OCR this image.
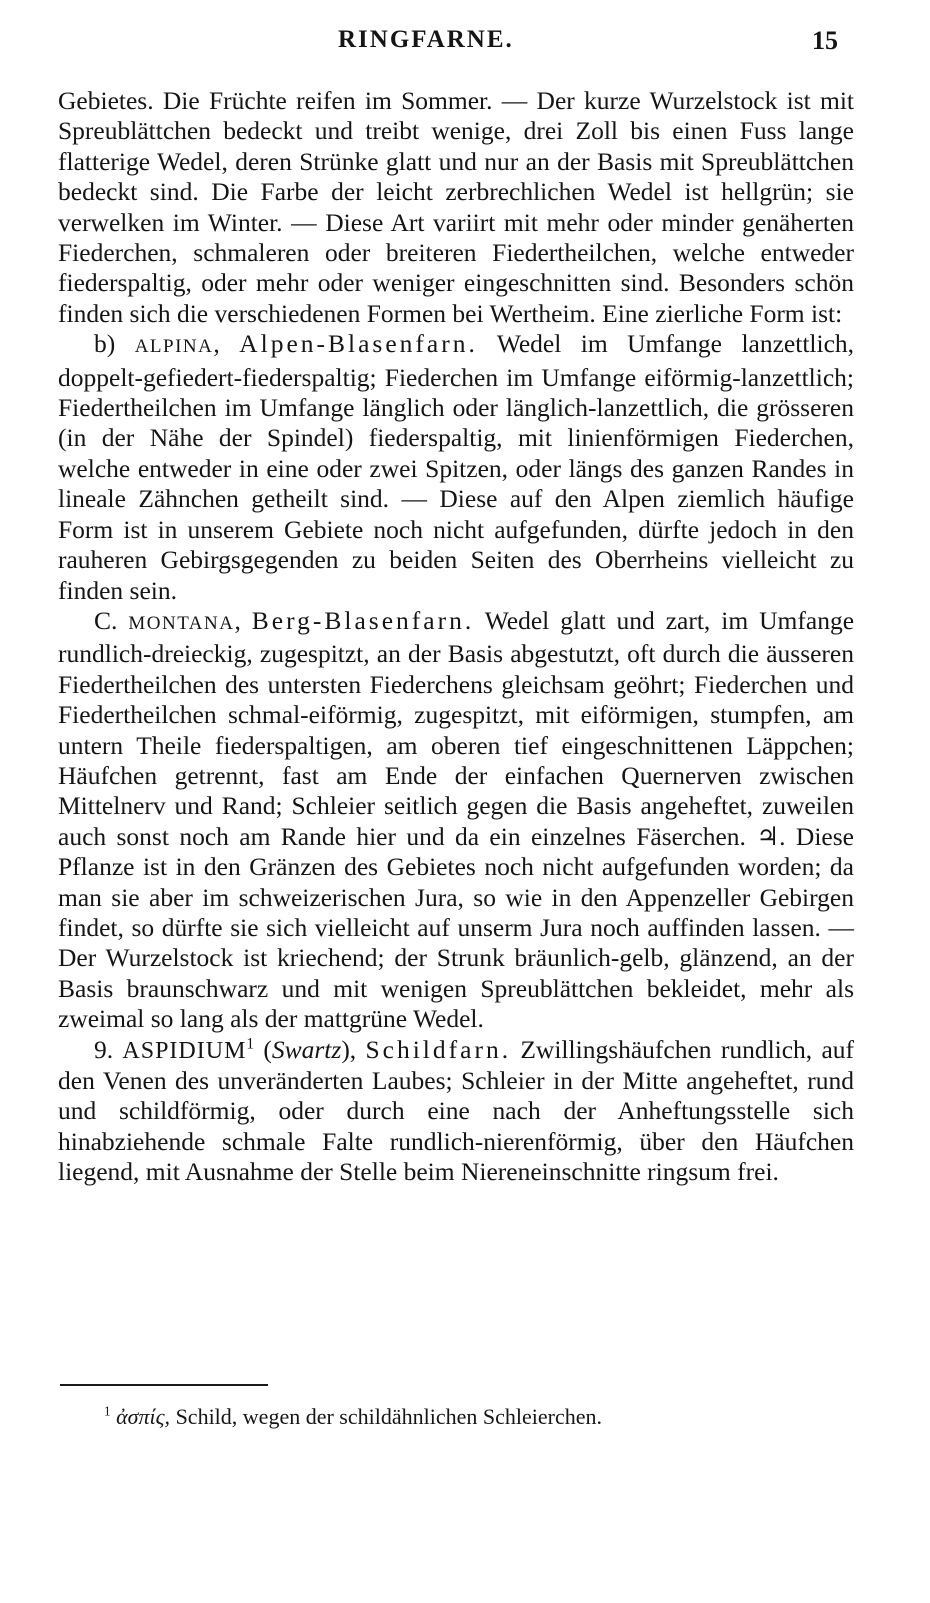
RINGFARNE.	15

Gebietes. Die Früchte reifen im Sommer. — Der kurze Wurzelstock ist mit Spreublättchen bedeckt und treibt wenige, drei Zoll bis einen Fuss lange flatterige Wedel, deren Strünke glatt und nur an der Basis mit Spreublättchen bedeckt sind. Die Farbe der leicht zerbrechlichen Wedel ist hellgrün; sie verwelken im Winter. — Diese Art variirt mit mehr oder minder genäherten Fiederchen, schmaleren oder breiteren Fiedertheilchen, welche entweder fiederspaltig, oder mehr oder weniger eingeschnitten sind. Besonders schön finden sich die verschiedenen Formen bei Wertheim. Eine zierliche Form ist:

b) ALPINA, Alpen-Blasenfarn. Wedel im Umfange lanzettlich, doppelt-gefiedert-fiederspaltig; Fiederchen im Umfange eiförmig-lanzettlich; Fiedertheilchen im Umfange länglich oder länglich-lanzettlich, die grösseren (in der Nähe der Spindel) fiederspaltig, mit linienförmigen Fiederchen, welche entweder in eine oder zwei Spitzen, oder längs des ganzen Randes in lineale Zähnchen getheilt sind. — Diese auf den Alpen ziemlich häufige Form ist in unserem Gebiete noch nicht aufgefunden, dürfte jedoch in den rauheren Gebirgsgegenden zu beiden Seiten des Oberrheins vielleicht zu finden sein.

C. MONTANA, Berg-Blasenfarn. Wedel glatt und zart, im Umfange rundlich-dreieckig, zugespitzt, an der Basis abgestutzt, oft durch die äusseren Fiedertheilchen des untersten Fiederchens gleichsam geöhrt; Fiederchen und Fiedertheilchen schmal-eiförmig, zugespitzt, mit eiförmigen, stumpfen, am untern Theile fiederspaltigen, am oberen tief eingeschnittenen Läppchen; Häufchen getrennt, fast am Ende der einfachen Quernerven zwischen Mittelnerv und Rand; Schleier seitlich gegen die Basis angeheftet, zuweilen auch sonst noch am Rande hier und da ein einzelnes Fäserchen. ♃. Diese Pflanze ist in den Gränzen des Gebietes noch nicht aufgefunden worden; da man sie aber im schweizerischen Jura, so wie in den Appenzeller Gebirgen findet, so dürfte sie sich vielleicht auf unserm Jura noch auffinden lassen. — Der Wurzelstock ist kriechend; der Strunk bräunlich-gelb, glänzend, an der Basis braunschwarz und mit wenigen Spreublättchen bekleidet, mehr als zweimal so lang als der mattgrüne Wedel.

9. ASPIDIUM$^1$ (Swartz), Schildfarn. Zwillingshäufchen rundlich, auf den Venen des unveränderten Laubes; Schleier in der Mitte angeheftet, rund und schildförmig, oder durch eine nach der Anheftungsstelle sich hinabziehende schmale Falte rundlich-nierenförmig, über den Häufchen liegend, mit Ausnahme der Stelle beim Niereneinschnitte ringsum frei.

$^1$ ἀσπίς, Schild, wegen der schildähnlichen Schleierchen.
